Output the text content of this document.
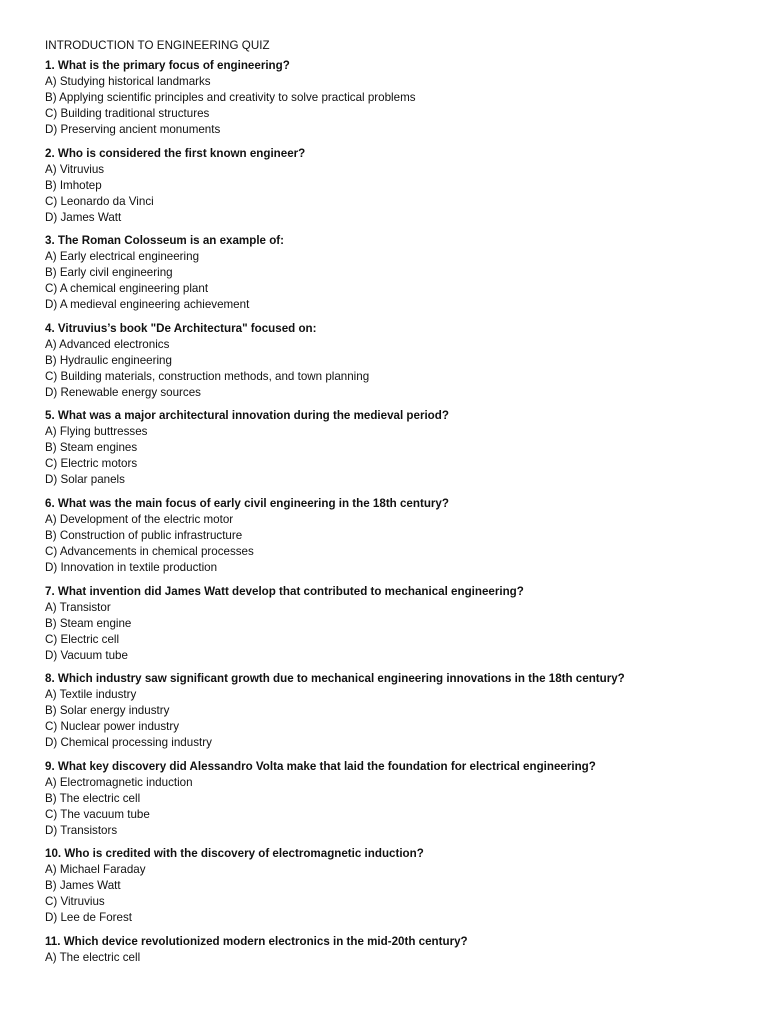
INTRODUCTION TO ENGINEERING QUIZ
1. What is the primary focus of engineering?
A) Studying historical landmarks
B) Applying scientific principles and creativity to solve practical problems
C) Building traditional structures
D) Preserving ancient monuments
2. Who is considered the first known engineer?
A) Vitruvius
B) Imhotep
C) Leonardo da Vinci
D) James Watt
3. The Roman Colosseum is an example of:
A) Early electrical engineering
B) Early civil engineering
C) A chemical engineering plant
D) A medieval engineering achievement
4. Vitruvius’s book "De Architectura" focused on:
A) Advanced electronics
B) Hydraulic engineering
C) Building materials, construction methods, and town planning
D) Renewable energy sources
5. What was a major architectural innovation during the medieval period?
A) Flying buttresses
B) Steam engines
C) Electric motors
D) Solar panels
6. What was the main focus of early civil engineering in the 18th century?
A) Development of the electric motor
B) Construction of public infrastructure
C) Advancements in chemical processes
D) Innovation in textile production
7. What invention did James Watt develop that contributed to mechanical engineering?
A) Transistor
B) Steam engine
C) Electric cell
D) Vacuum tube
8. Which industry saw significant growth due to mechanical engineering innovations in the 18th century?
A) Textile industry
B) Solar energy industry
C) Nuclear power industry
D) Chemical processing industry
9. What key discovery did Alessandro Volta make that laid the foundation for electrical engineering?
A) Electromagnetic induction
B) The electric cell
C) The vacuum tube
D) Transistors
10. Who is credited with the discovery of electromagnetic induction?
A) Michael Faraday
B) James Watt
C) Vitruvius
D) Lee de Forest
11. Which device revolutionized modern electronics in the mid-20th century?
A) The electric cell
